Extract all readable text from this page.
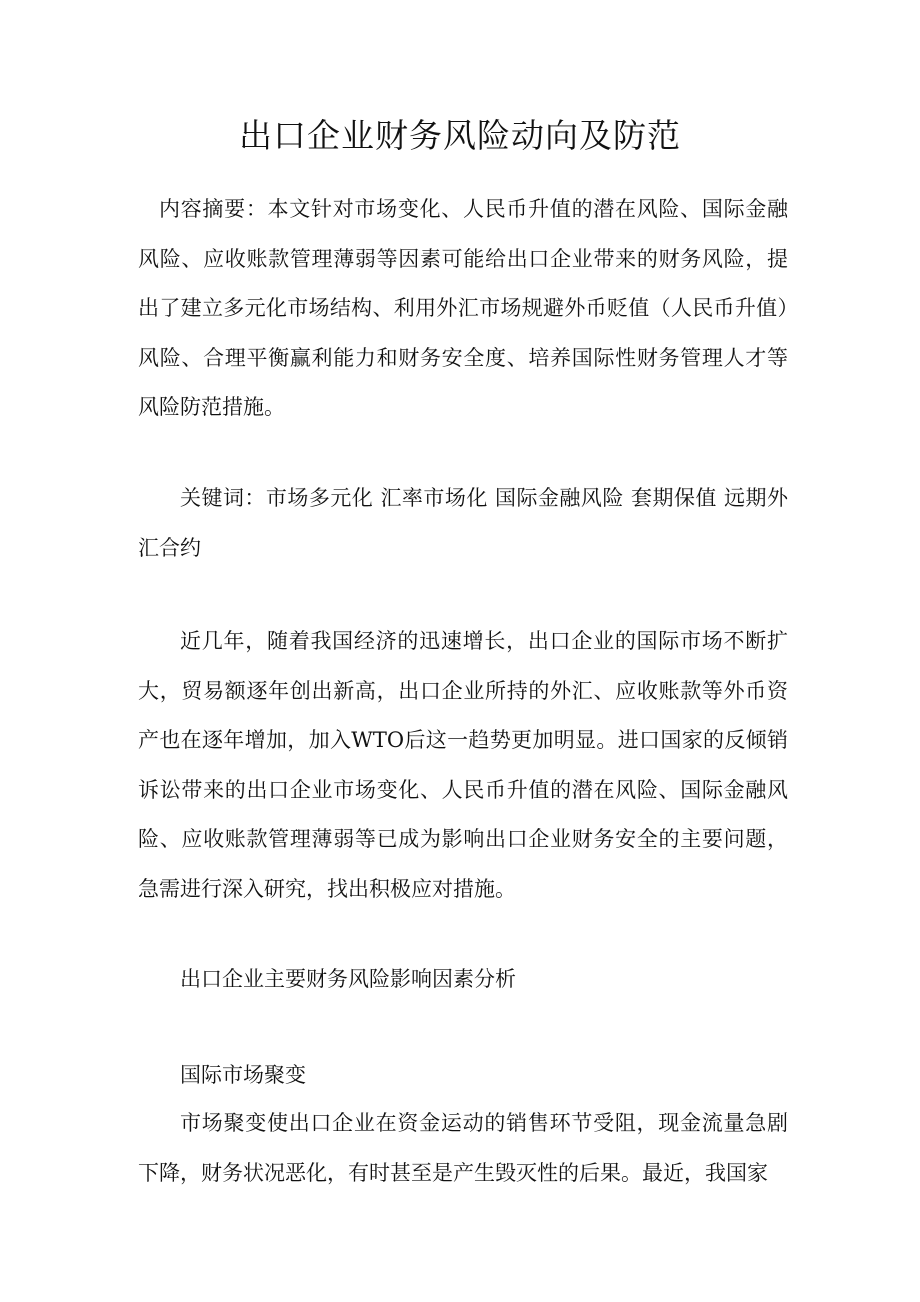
出口企业财务风险动向及防范

内容摘要：本文针对市场变化、人民币升值的潜在风险、国际金融风险、应收账款管理薄弱等因素可能给出口企业带来的财务风险，提出了建立多元化市场结构、利用外汇市场规避外币贬值（人民币升值）风险、合理平衡赢利能力和财务安全度、培养国际性财务管理人才等风险防范措施。

关键词：市场多元化 汇率市场化 国际金融风险 套期保值 远期外汇合约

近几年，随着我国经济的迅速增长，出口企业的国际市场不断扩大，贸易额逐年创出新高，出口企业所持的外汇、应收账款等外币资产也在逐年增加，加入WTO后这一趋势更加明显。进口国家的反倾销诉讼带来的出口企业市场变化、人民币升值的潜在风险、国际金融风险、应收账款管理薄弱等已成为影响出口企业财务安全的主要问题，急需进行深入研究，找出积极应对措施。

出口企业主要财务风险影响因素分析
国际市场聚变

市场聚变使出口企业在资金运动的销售环节受阻，现金流量急剧下降，财务状况恶化，有时甚至是产生毁灭性的后果。最近，我国家
